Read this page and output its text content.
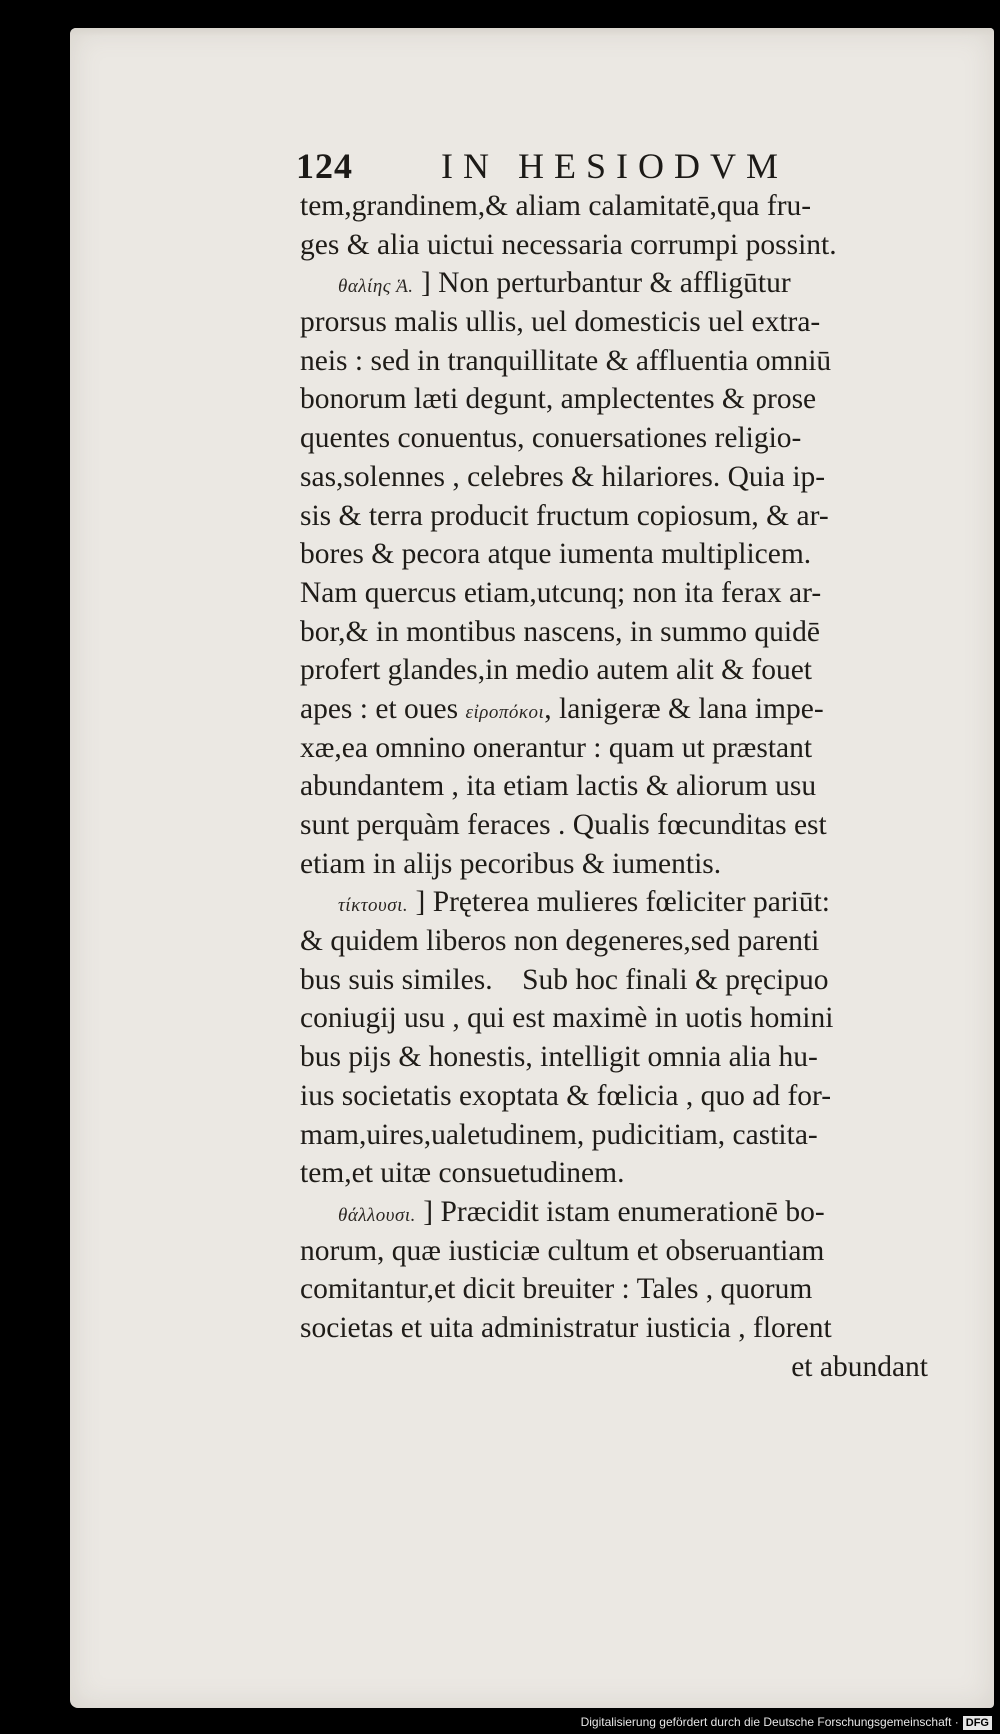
124 IN HESIODVM
tem,grandinem,& aliam calamitatē,qua fru-
ges & alia uictui necessaria corrumpi possint.
θαλίης Ἁ. ] Non perturbantur & affligūtur
prorsus malis ullis, uel domesticis uel extra-
neis : sed in tranquillitate & affluentia omniū
bonorum læti degunt, amplectentes & prose
quentes conuentus, conuersationes religio-
sas,solennes , celebres & hilariores. Quia ip-
sis & terra producit fructum copiosum, & ar-
bores & pecora atque iumenta multiplicem.
Nam quercus etiam,utcunq; non ita ferax ar-
bor,& in montibus nascens, in summo quidē
profert glandes,in medio autem alit & fouet
apes : et oues εἰροπόκοι, lanigeræ & lana impe-
xæ,ea omnino onerantur : quam ut præstant
abundantem , ita etiam lactis & aliorum usu
sunt perquàm feraces . Qualis fœcunditas est
etiam in alijs pecoribus & iumentis.
τίκτουσι. ] Pręterea mulieres fœliciter pariūt:
& quidem liberos non degeneres,sed parenti
bus suis similes.    Sub hoc finali & pręcipuo
coniugij usu , qui est maximè in uotis homini
bus pijs & honestis, intelligit omnia alia hu-
ius societatis exoptata & fœlicia , quo ad for-
mam,uires,ualetudinem, pudicitiam, castita-
tem,et uitæ consuetudinem.
θάλλουσι. ] Præcidit istam enumerationē bo-
norum, quæ iusticiæ cultum et obseruantiam
comitantur,et dicit breuiter : Tales , quorum
societas et uita administratur iusticia , florent
et abundant
Digitalisierung gefördert durch die Deutsche Forschungsgemeinschaft · DFG
